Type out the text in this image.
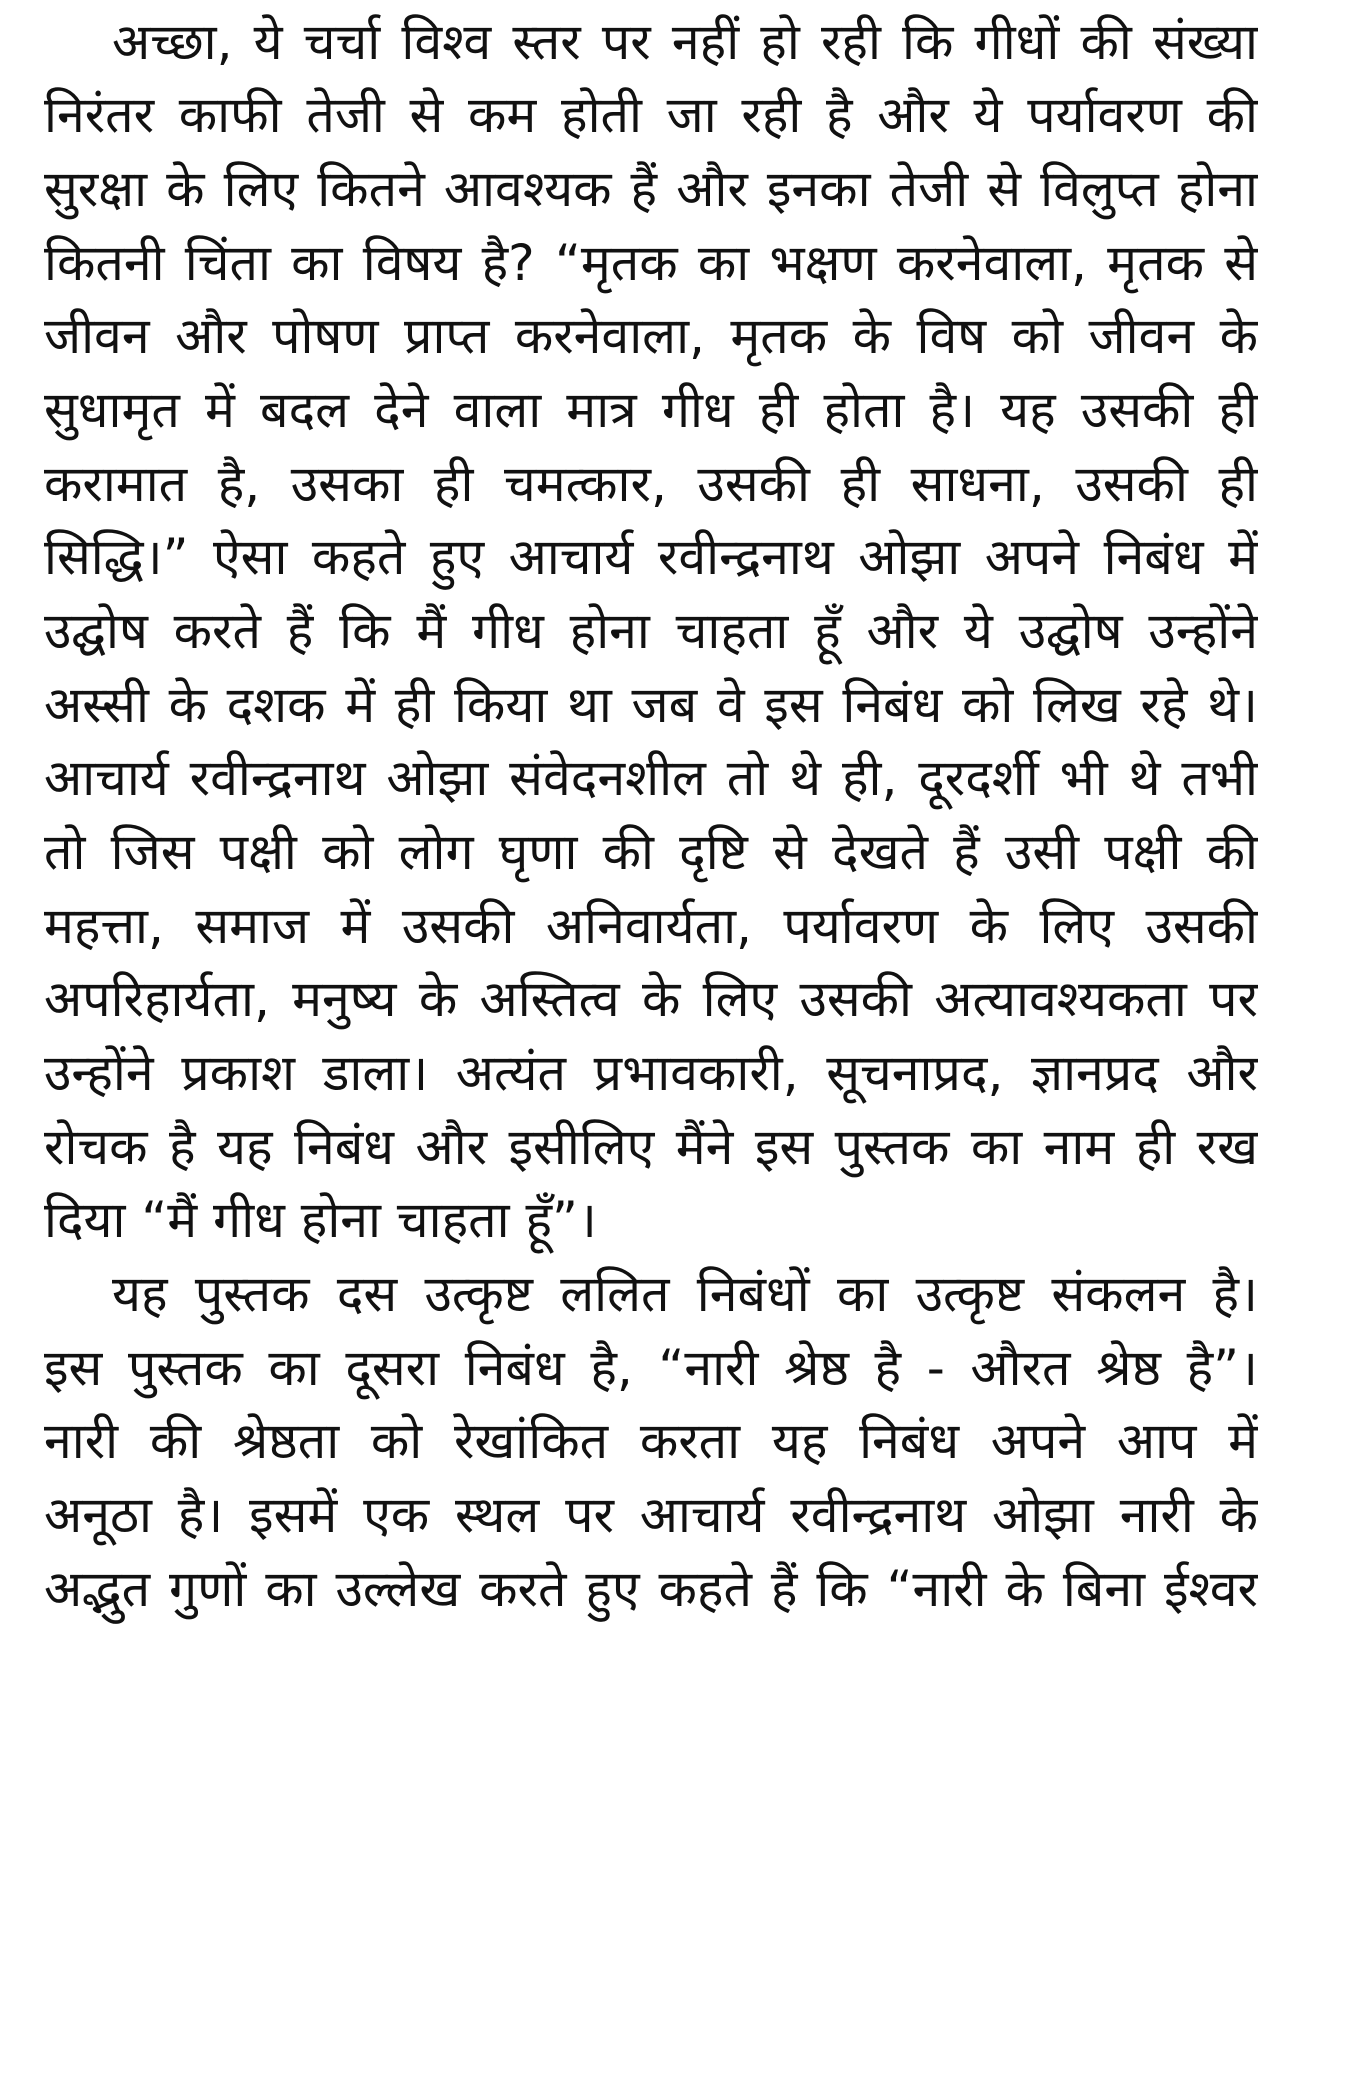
अच्छा, ये चर्चा विश्व स्तर पर नहीं हो रही कि गीधों की संख्या
निरंतर काफी तेजी से कम होती जा रही है और ये पर्यावरण की
सुरक्षा के लिए कितने आवश्यक हैं और इनका तेजी से विलुप्त होना
कितनी चिंता का विषय है? “मृतक का भक्षण करनेवाला, मृतक से
जीवन और पोषण प्राप्त करनेवाला, मृतक के विष को जीवन के
सुधामृत में बदल देने वाला मात्र गीध ही होता है। यह उसकी ही
करामात है, उसका ही चमत्कार, उसकी ही साधना, उसकी ही
सिद्धि।” ऐसा कहते हुए आचार्य रवीन्द्रनाथ ओझा अपने निबंध में
उद्घोष करते हैं कि मैं गीध होना चाहता हूँ और ये उद्घोष उन्होंने
अस्सी के दशक में ही किया था जब वे इस निबंध को लिख रहे थे।
आचार्य रवीन्द्रनाथ ओझा संवेदनशील तो थे ही, दूरदर्शी भी थे तभी
तो जिस पक्षी को लोग घृणा की दृष्टि से देखते हैं उसी पक्षी की
महत्ता, समाज में उसकी अनिवार्यता, पर्यावरण के लिए उसकी
अपरिहार्यता, मनुष्य के अस्तित्व के लिए उसकी अत्यावश्यकता पर
उन्होंने प्रकाश डाला। अत्यंत प्रभावकारी, सूचनाप्रद, ज्ञानप्रद और
रोचक है यह निबंध और इसीलिए मैंने इस पुस्तक का नाम ही रख
दिया “मैं गीध होना चाहता हूँ”।
यह पुस्तक दस उत्कृष्ट ललित निबंधों का उत्कृष्ट संकलन है।
इस पुस्तक का दूसरा निबंध है, “नारी श्रेष्ठ है - औरत श्रेष्ठ है”।
नारी की श्रेष्ठता को रेखांकित करता यह निबंध अपने आप में
अनूठा है। इसमें एक स्थल पर आचार्य रवीन्द्रनाथ ओझा नारी के
अद्भुत गुणों का उल्लेख करते हुए कहते हैं कि “नारी के बिना ईश्वर
